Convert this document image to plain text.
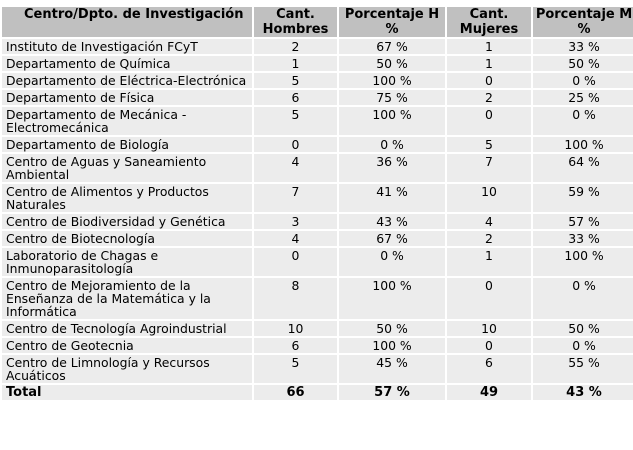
Centro/Dpto. de Investigación	Cant. Hombres	Porcentaje H %	Cant. Mujeres	Porcentaje M %
Instituto de Investigación FCyT	2	67 %	1	33 %
Departamento de Química	1	50 %	1	50 %
Departamento de Eléctrica-Electrónica	5	100 %	0	0 %
Departamento de Física	6	75 %	2	25 %
Departamento de Mecánica - Electromecánica	5	100 %	0	0 %
Departamento de Biología	0	0 %	5	100 %
Centro de Aguas y Saneamiento Ambiental	4	36 %	7	64 %
Centro de Alimentos y Productos Naturales	7	41 %	10	59 %
Centro de Biodiversidad y Genética	3	43 %	4	57 %
Centro de Biotecnología	4	67 %	2	33 %
Laboratorio de Chagas e Inmunoparasitología	0	0 %	1	100 %
Centro de Mejoramiento de la Enseñanza de la Matemática y la Informática	8	100 %	0	0 %
Centro de Tecnología Agroindustrial	10	50 %	10	50 %
Centro de Geotecnia	6	100 %	0	0 %
Centro de Limnología y Recursos Acuáticos	5	45 %	6	55 %
Total	66	57 %	49	43 %
